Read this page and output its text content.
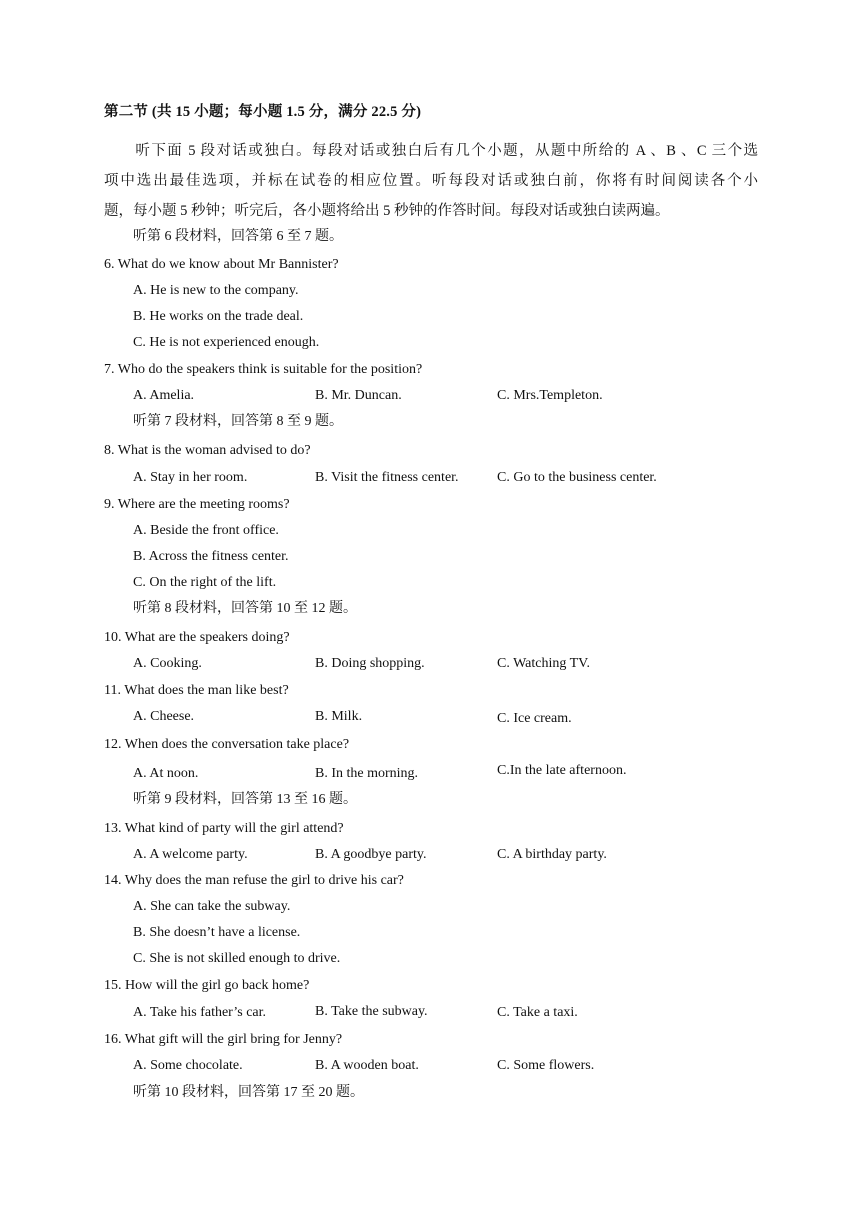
第二节 (共 15 小题；每小题 1.5 分，满分 22.5 分)
听下面 5 段对话或独白。每段对话或独白后有几个小题，从题中所给的 A 、B 、C 三个选
项中选出最佳选项，并标在试卷的相应位置。听每段对话或独白前，你将有时间阅读各个小
题，每小题 5 秒钟；听完后，各小题将给出 5 秒钟的作答时间。每段对话或独白读两遍。
听第 6 段材料，回答第 6 至 7 题。
6. What do we know about Mr Bannister?
A. He is new to the company.
B. He works on the trade deal.
C. He is not experienced enough.
7. Who do the speakers think is suitable for the position?
A. Amelia.	B. Mr. Duncan.	C. Mrs.Templeton.
听第 7 段材料，回答第 8 至 9 题。
8. What is the woman advised to do?
A. Stay in her room.	B. Visit the fitness center.	C. Go to the business center.
9. Where are the meeting rooms?
A. Beside the front office.
B. Across the fitness center.
C. On the right of the lift.
听第 8 段材料，回答第 10 至 12 题。
10. What are the speakers doing?
A. Cooking.	B. Doing shopping.	C. Watching TV.
11. What does the man like best?
A. Cheese.	B. Milk.	C. Ice cream.
12. When does the conversation take place?
A. At noon.	B. In the morning.	C.In the late afternoon.
听第 9 段材料，回答第 13 至 16 题。
13. What kind of party will the girl attend?
A. A welcome party.	B. A goodbye party.	C. A birthday party.
14. Why does the man refuse the girl to drive his car?
A. She can take the subway.
B. She doesn’t have a license.
C. She is not skilled enough to drive.
15. How will the girl go back home?
A. Take his father’s car.	B. Take the subway.	C. Take a taxi.
16. What gift will the girl bring for Jenny?
A. Some chocolate.	B. A wooden boat.	C. Some flowers.
听第 10 段材料，回答第 17 至 20 题。
